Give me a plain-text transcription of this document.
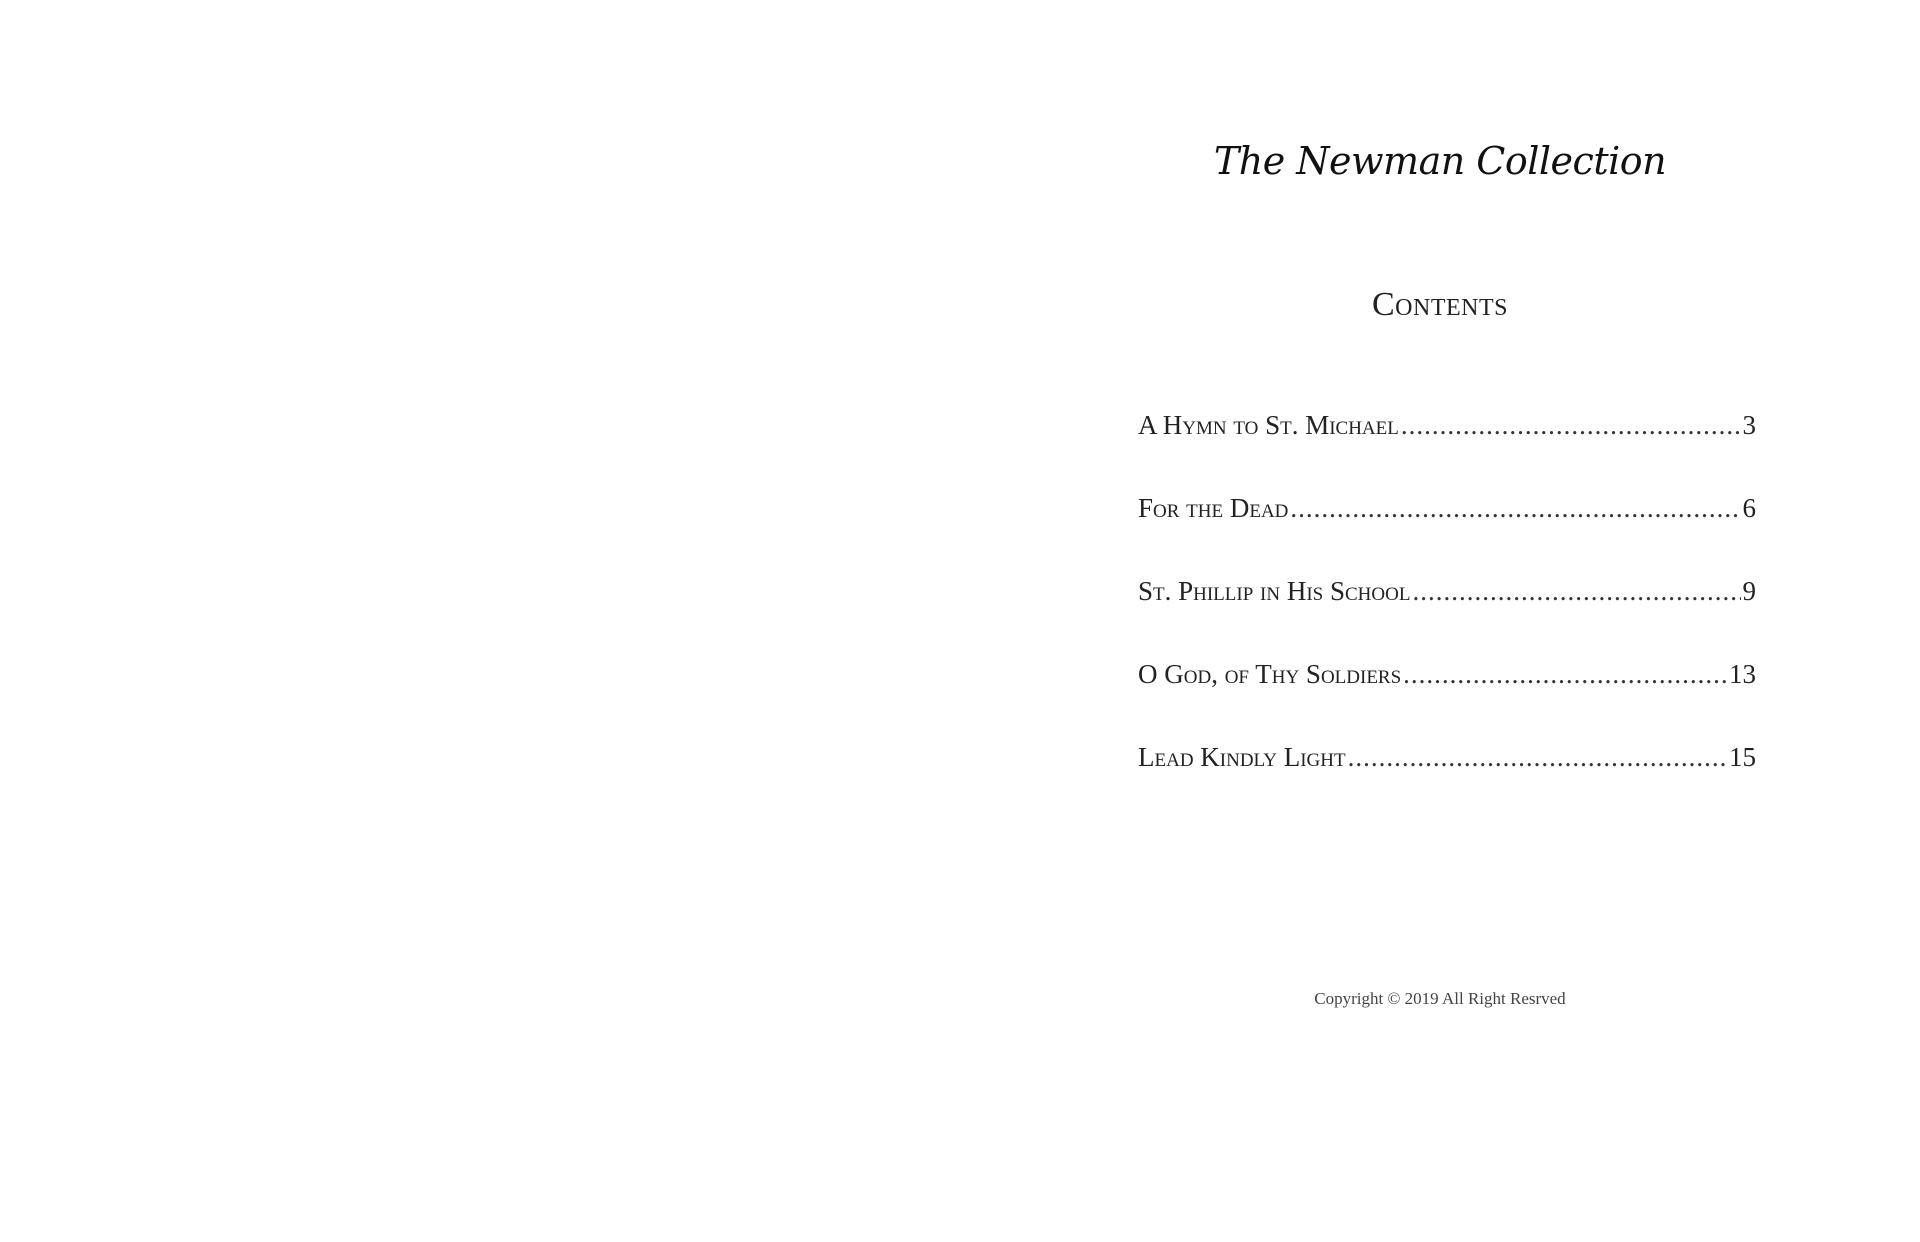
The Newman Collection
Contents
A Hymn to St. Michael .....	3
For the Dead .....	6
St. Phillip in His School .....	9
O God, of Thy Soldiers .....	13
Lead Kindly Light .....	15
Copyright © 2019 All Right Resrved
